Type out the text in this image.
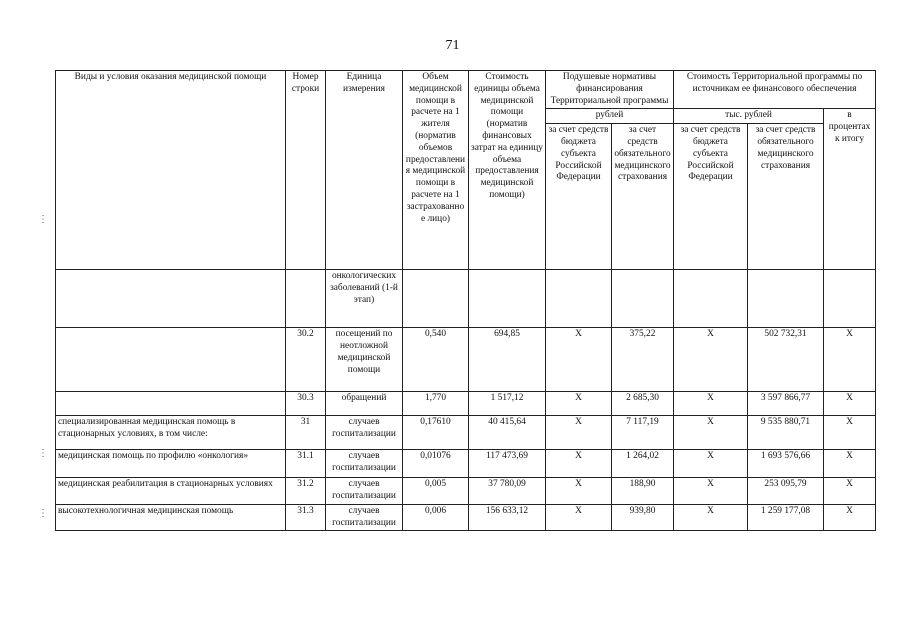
71
⋮
⋮
⋮
Виды и условия оказания медицинской помощи	Номер строки	Единица измерения	Объем медицинской помощи в расчете на 1 жителя (норматив объемов предоставления медицинской помощи в расчете на 1 застрахованное лицо)	Стоимость единицы объема медицинской помощи (норматив финансовых затрат на единицу объема предоставления медицинской помощи)	Подушевые нормативы финансирования Территориальной программы		Стоимость Территориальной программы по источникам ее финансового обеспечения		
					рублей		тыс. рублей		в процентах к итогу
					за счет средств бюджета субъекта Российской Федерации	за счет средств обязательного медицинского страхования	за счет средств бюджета субъекта Российской Федерации	за счет средств обязательного медицинского страхования	
		онкологических заболеваний (1-й этап)							
	30.2	посещений по неотложной медицинской помощи	0,540	694,85	Х	375,22	Х	502 732,31	Х
	30.3	обращений	1,770	1 517,12	Х	2 685,30	Х	3 597 866,77	Х
специализированная медицинская помощь в стационарных условиях, в том числе:	31	случаев госпитализации	0,17610	40 415,64	Х	7 117,19	Х	9 535 880,71	Х
медицинская помощь по профилю «онкология»	31.1	случаев госпитализации	0,01076	117 473,69	Х	1 264,02	Х	1 693 576,66	Х
медицинская реабилитация в стационарных условиях	31.2	случаев госпитализации	0,005	37 780,09	Х	188,90	Х	253 095,79	Х
высокотехнологичная медицинская помощь	31.3	случаев госпитализации	0,006	156 633,12	Х	939,80	Х	1 259 177,08	Х
